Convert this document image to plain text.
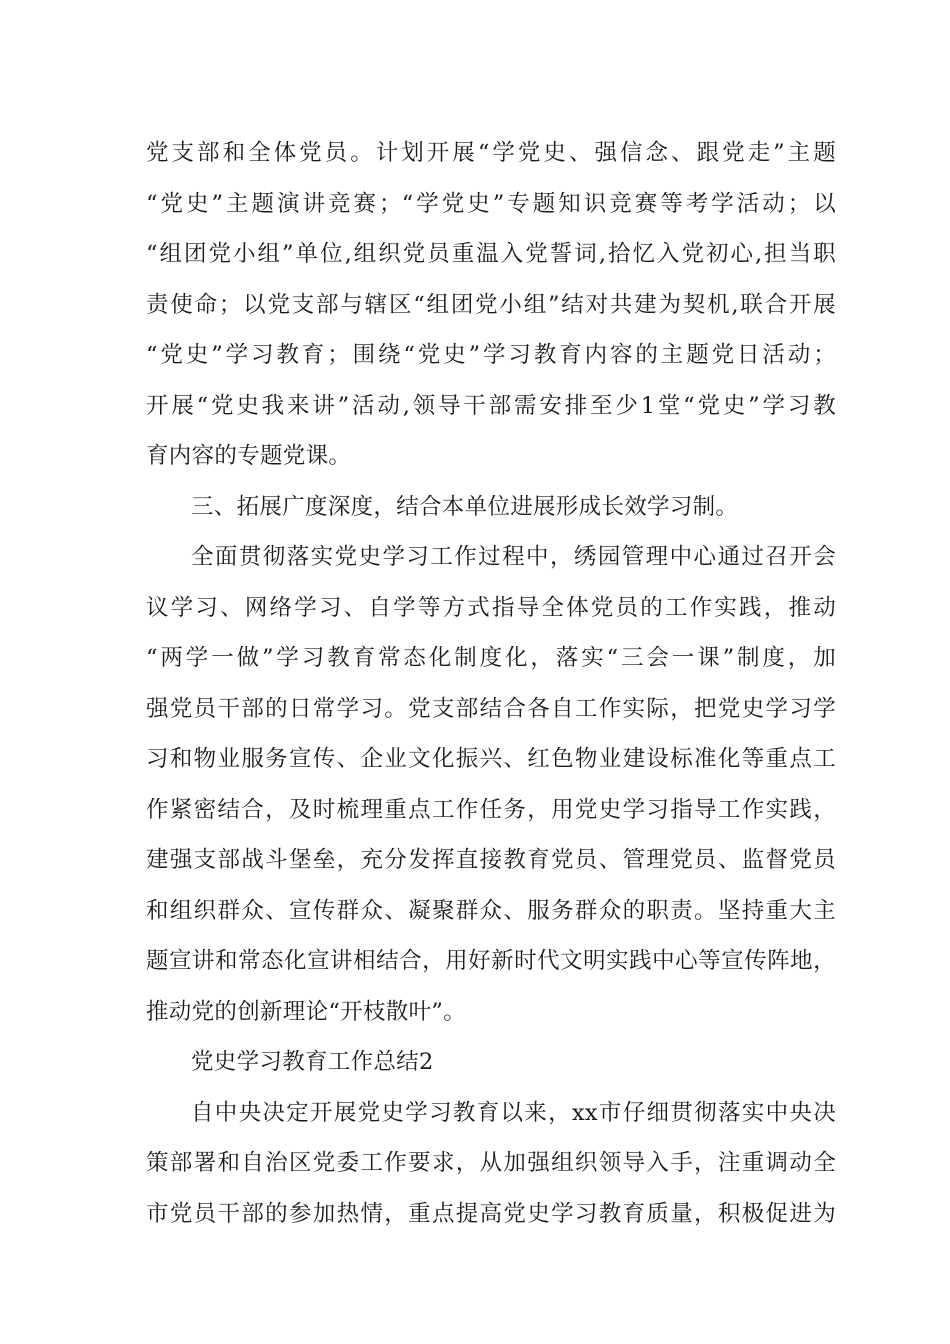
党支部和全体党员。计划开展“学党史、强信念、跟党走”主题
“党史”主题演讲竞赛；“学党史”专题知识竞赛等考学活动；以
“组团党小组”单位,组织党员重温入党誓词,拾忆入党初心,担当职
责使命；以党支部与辖区“组团党小组”结对共建为契机,联合开展
“党史”学习教育；围绕“党史”学习教育内容的主题党日活动；
开展“党史我来讲”活动,领导干部需安排至少1堂“党史”学习教
育内容的专题党课。

三、拓展广度深度，结合本单位进展形成长效学习制。

全面贯彻落实党史学习工作过程中，绣园管理中心通过召开会
议学习、网络学习、自学等方式指导全体党员的工作实践，推动
“两学一做”学习教育常态化制度化，落实“三会一课”制度，加
强党员干部的日常学习。党支部结合各自工作实际，把党史学习学
习和物业服务宣传、企业文化振兴、红色物业建设标准化等重点工
作紧密结合，及时梳理重点工作任务，用党史学习指导工作实践，
建强支部战斗堡垒，充分发挥直接教育党员、管理党员、监督党员
和组织群众、宣传群众、凝聚群众、服务群众的职责。坚持重大主
题宣讲和常态化宣讲相结合，用好新时代文明实践中心等宣传阵地，
推动党的创新理论“开枝散叶”。

党史学习教育工作总结2

自中央决定开展党史学习教育以来，xx市仔细贯彻落实中央决
策部署和自治区党委工作要求，从加强组织领导入手，注重调动全
市党员干部的参加热情，重点提高党史学习教育质量，积极促进为
